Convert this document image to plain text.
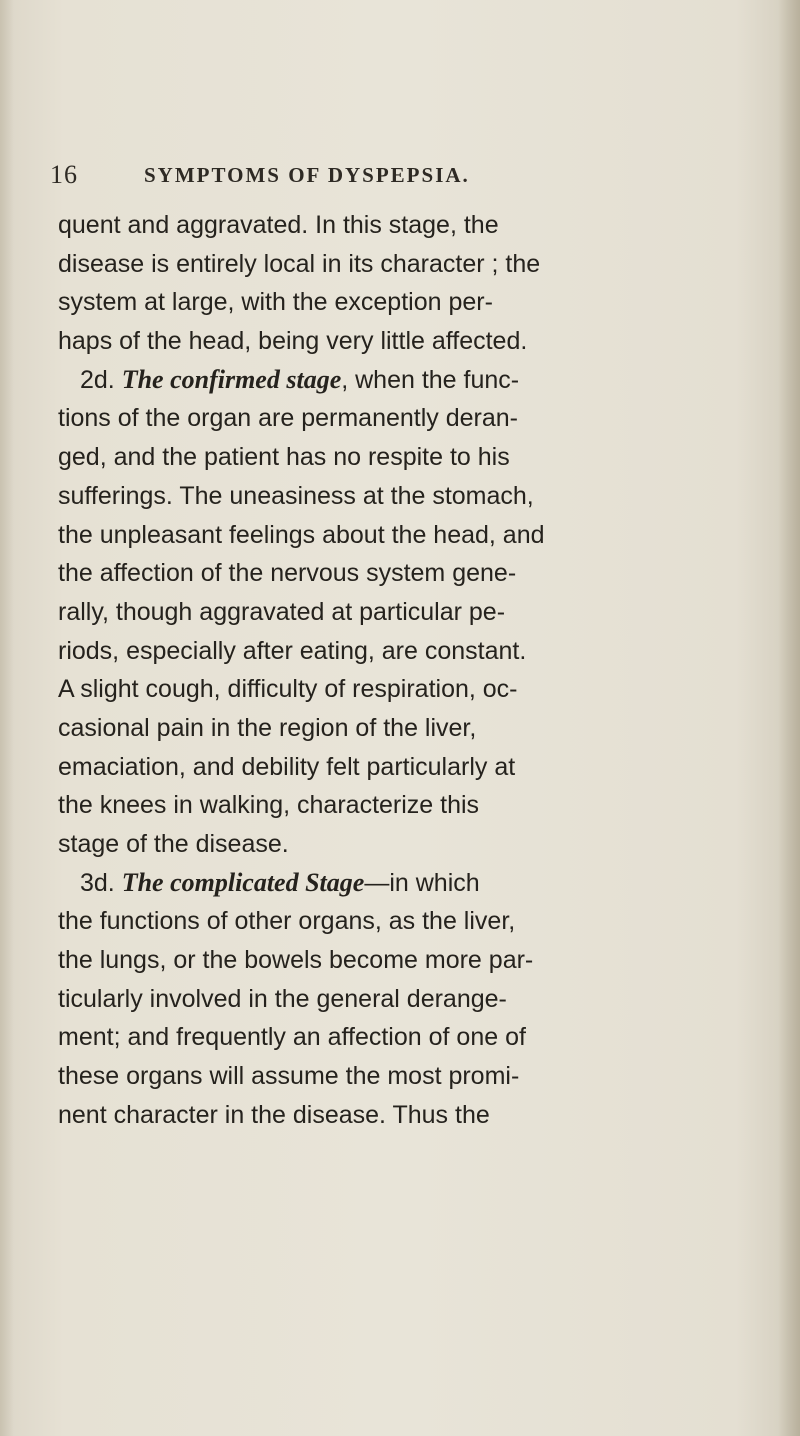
16	SYMPTOMS OF DYSPEPSIA.
quent and aggravated. In this stage, the
disease is entirely local in its character ; the
system at large, with the exception per-
haps of the head, being very little affected.
2d. The confirmed stage, when the func-
tions of the organ are permanently deran-
ged, and the patient has no respite to his
sufferings. The uneasiness at the stomach,
the unpleasant feelings about the head, and
the affection of the nervous system gene-
rally, though aggravated at particular pe-
riods, especially after eating, are constant.
A slight cough, difficulty of respiration, oc-
casional pain in the region of the liver,
emaciation, and debility felt particularly at
the knees in walking, characterize this
stage of the disease.
3d. The complicated Stage—in which
the functions of other organs, as the liver,
the lungs, or the bowels become more par-
ticularly involved in the general derange-
ment; and frequently an affection of one of
these organs will assume the most promi-
nent character in the disease. Thus the
